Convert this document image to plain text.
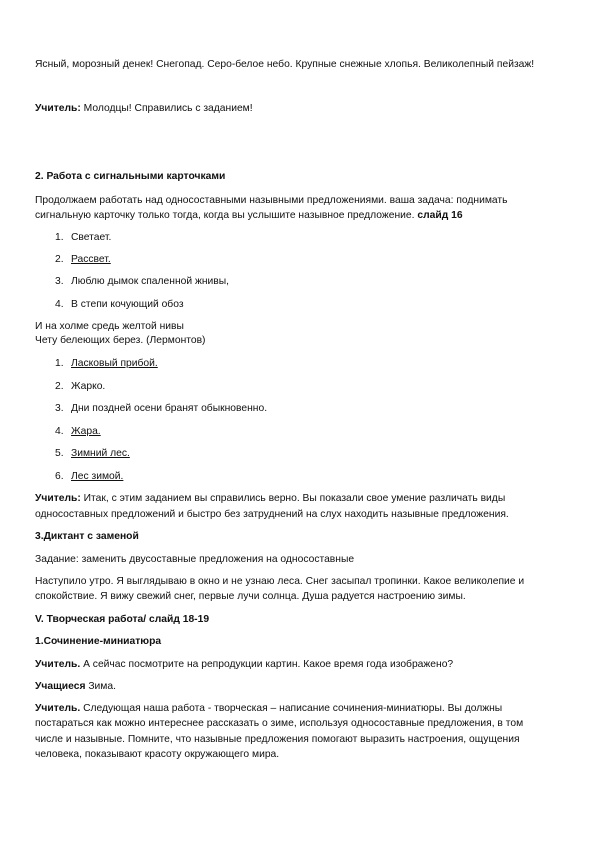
Ясный, морозный денек! Снегопад. Серо-белое небо. Крупные снежные хлопья. Великолепный пейзаж!
Учитель: Молодцы! Справились с заданием!
2. Работа с сигнальными карточками
Продолжаем работать над односоставными назывными предложениями. ваша задача: поднимать
сигнальную карточку только тогда, когда вы услышите назывное предложение. слайд 16
1. Светает.
2. Рассвет.
3. Люблю дымок спаленной жнивы,
4. В степи кочующий обоз
И на холме средь желтой нивы
Чету белеющих берез. (Лермонтов)
1. Ласковый прибой.
2. Жарко.
3. Дни поздней осени бранят обыкновенно.
4. Жара.
5. Зимний лес.
6. Лес зимой.
Учитель: Итак, с этим заданием вы справились верно. Вы показали свое умение различать виды
односоставных предложений и быстро без затруднений на слух находить назывные предложения.
3.Диктант с заменой
Задание: заменить двусоставные предложения на односоставные
Наступило утро. Я выглядываю в окно и не узнаю леса. Снег засыпал тропинки. Какое великолепие и
спокойствие. Я вижу свежий снег, первые лучи солнца. Душа радуется настроению зимы.
V. Творческая работа/ слайд 18-19
1.Сочинение-миниатюра
Учитель. А сейчас посмотрите на репродукции картин. Какое время года изображено?
Учащиеся Зима.
Учитель. Следующая наша работа - творческая – написание сочинения-миниатюры. Вы должны
постараться как можно интереснее рассказать о зиме, используя односоставные предложения, в том
числе и назывные. Помните, что назывные предложения помогают выразить настроения, ощущения
человека, показывают красоту окружающего мира.
